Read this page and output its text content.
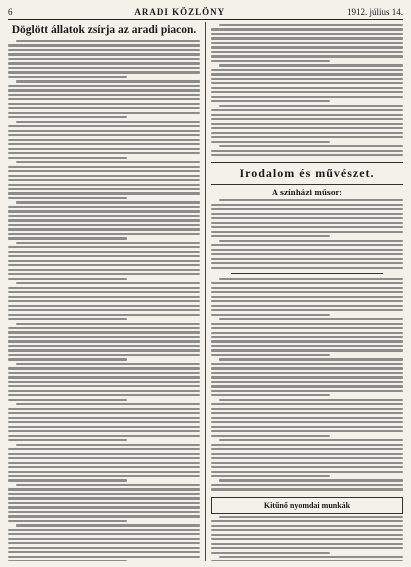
6	ARADI KÖZLÖNY	1912. július 14.
Döglött állatok zsírja az aradi piacon.
Irodalom és művészet.
A színházi műsor:
Kitűnő nyomdai munkák
